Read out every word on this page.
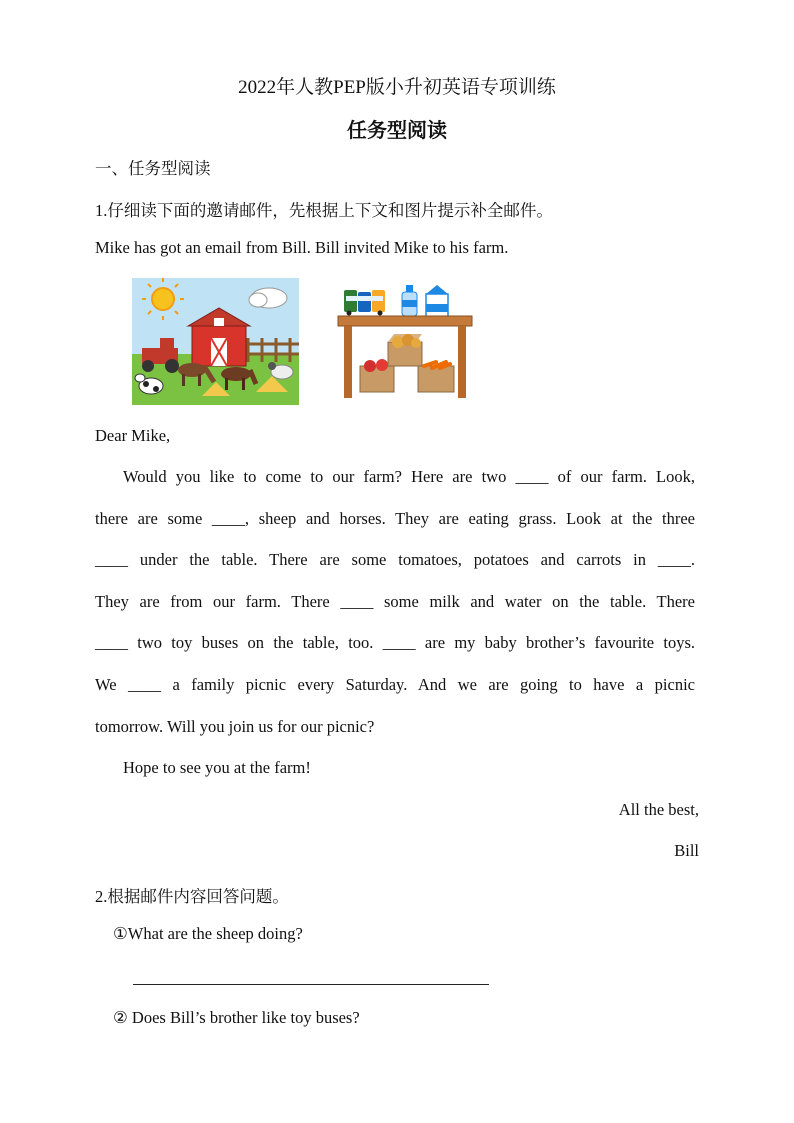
2022年人教PEP版小升初英语专项训练
任务型阅读
一、任务型阅读
1.仔细读下面的邀请邮件，先根据上下文和图片提示补全邮件。
Mike has got an email from Bill. Bill invited Mike to his farm.
Dear Mike,
Would you like to come to our farm? Here are two ____ of our farm. Look,
there are some ____, sheep and horses. They are eating grass. Look at the three
____ under the table. There are some tomatoes, potatoes and carrots in ____.
They are from our farm. There ____ some milk and water on the table. There
____ two toy buses on the table, too. ____ are my baby brother’s favourite toys.
We ____ a family picnic every Saturday. And we are going to have a picnic
tomorrow. Will you join us for our picnic?
Hope to see you at the farm!
All the best,
Bill
2.根据邮件内容回答问题。
①What are the sheep doing?
② Does Bill’s brother like toy buses?
